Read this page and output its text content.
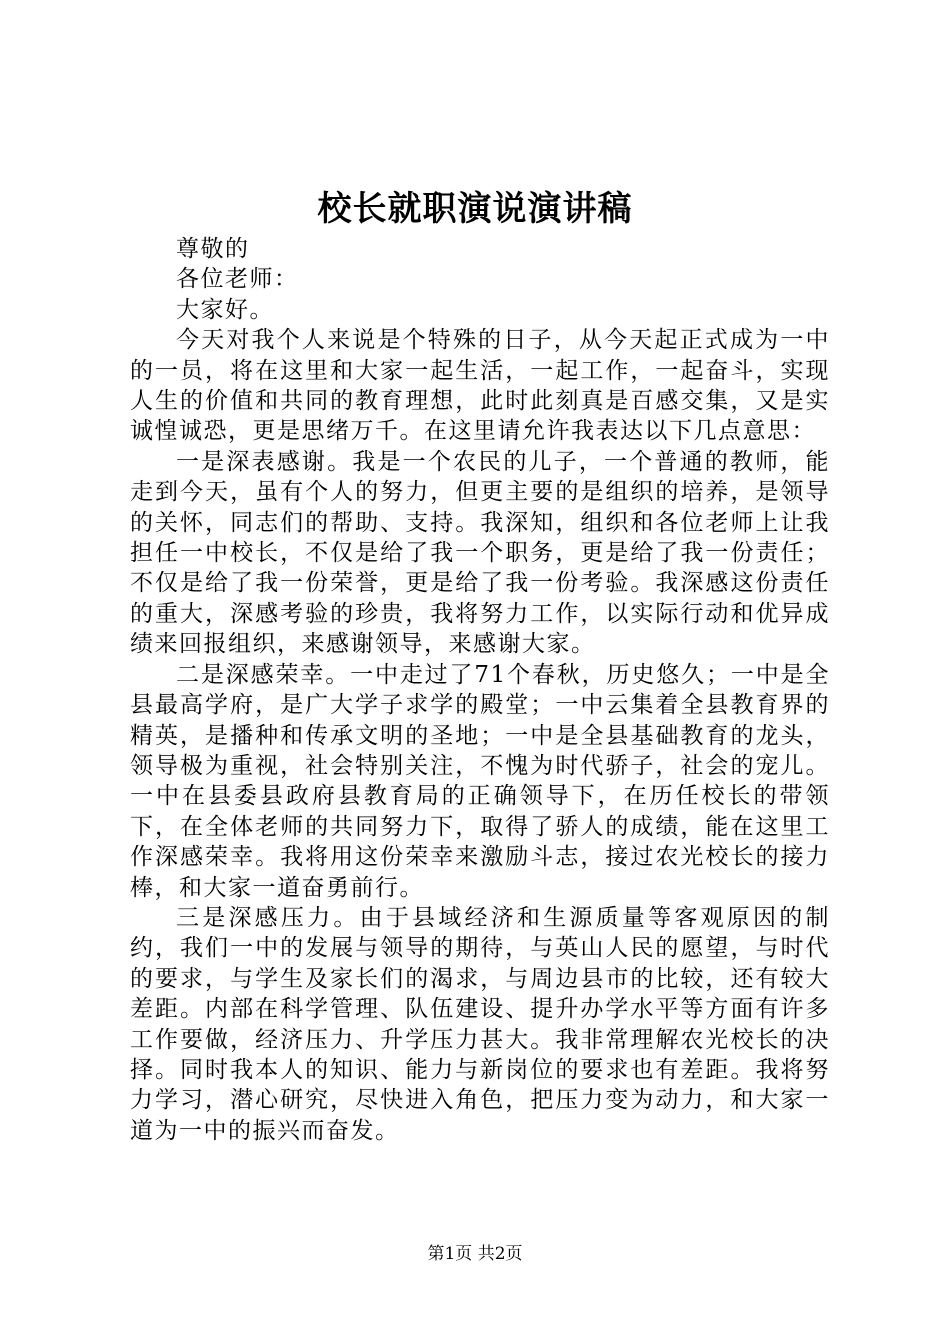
校长就职演说演讲稿

尊敬的

各位老师：

大家好。

今天对我个人来说是个特殊的日子，从今天起正式成为一中的一员，将在这里和大家一起生活，一起工作，一起奋斗，实现人生的价值和共同的教育理想，此时此刻真是百感交集，又是实诚惶诚恐，更是思绪万千。在这里请允许我表达以下几点意思：

一是深表感谢。我是一个农民的儿子，一个普通的教师，能走到今天，虽有个人的努力，但更主要的是组织的培养，是领导的关怀，同志们的帮助、支持。我深知，组织和各位老师上让我担任一中校长，不仅是给了我一个职务，更是给了我一份责任；不仅是给了我一份荣誉，更是给了我一份考验。我深感这份责任的重大，深感考验的珍贵，我将努力工作，以实际行动和优异成绩来回报组织，来感谢领导，来感谢大家。

二是深感荣幸。一中走过了71个春秋，历史悠久；一中是全县最高学府，是广大学子求学的殿堂；一中云集着全县教育界的精英，是播种和传承文明的圣地；一中是全县基础教育的龙头，领导极为重视，社会特别关注，不愧为时代骄子，社会的宠儿。一中在县委县政府县教育局的正确领导下，在历任校长的带领下，在全体老师的共同努力下，取得了骄人的成绩，能在这里工作深感荣幸。我将用这份荣幸来激励斗志，接过农光校长的接力棒，和大家一道奋勇前行。

三是深感压力。由于县域经济和生源质量等客观原因的制约，我们一中的发展与领导的期待，与英山人民的愿望，与时代的要求，与学生及家长们的渴求，与周边县市的比较，还有较大差距。内部在科学管理、队伍建设、提升办学水平等方面有许多工作要做，经济压力、升学压力甚大。我非常理解农光校长的决择。同时我本人的知识、能力与新岗位的要求也有差距。我将努力学习，潜心研究，尽快进入角色，把压力变为动力，和大家一道为一中的振兴而奋发。

第1页 共2页
